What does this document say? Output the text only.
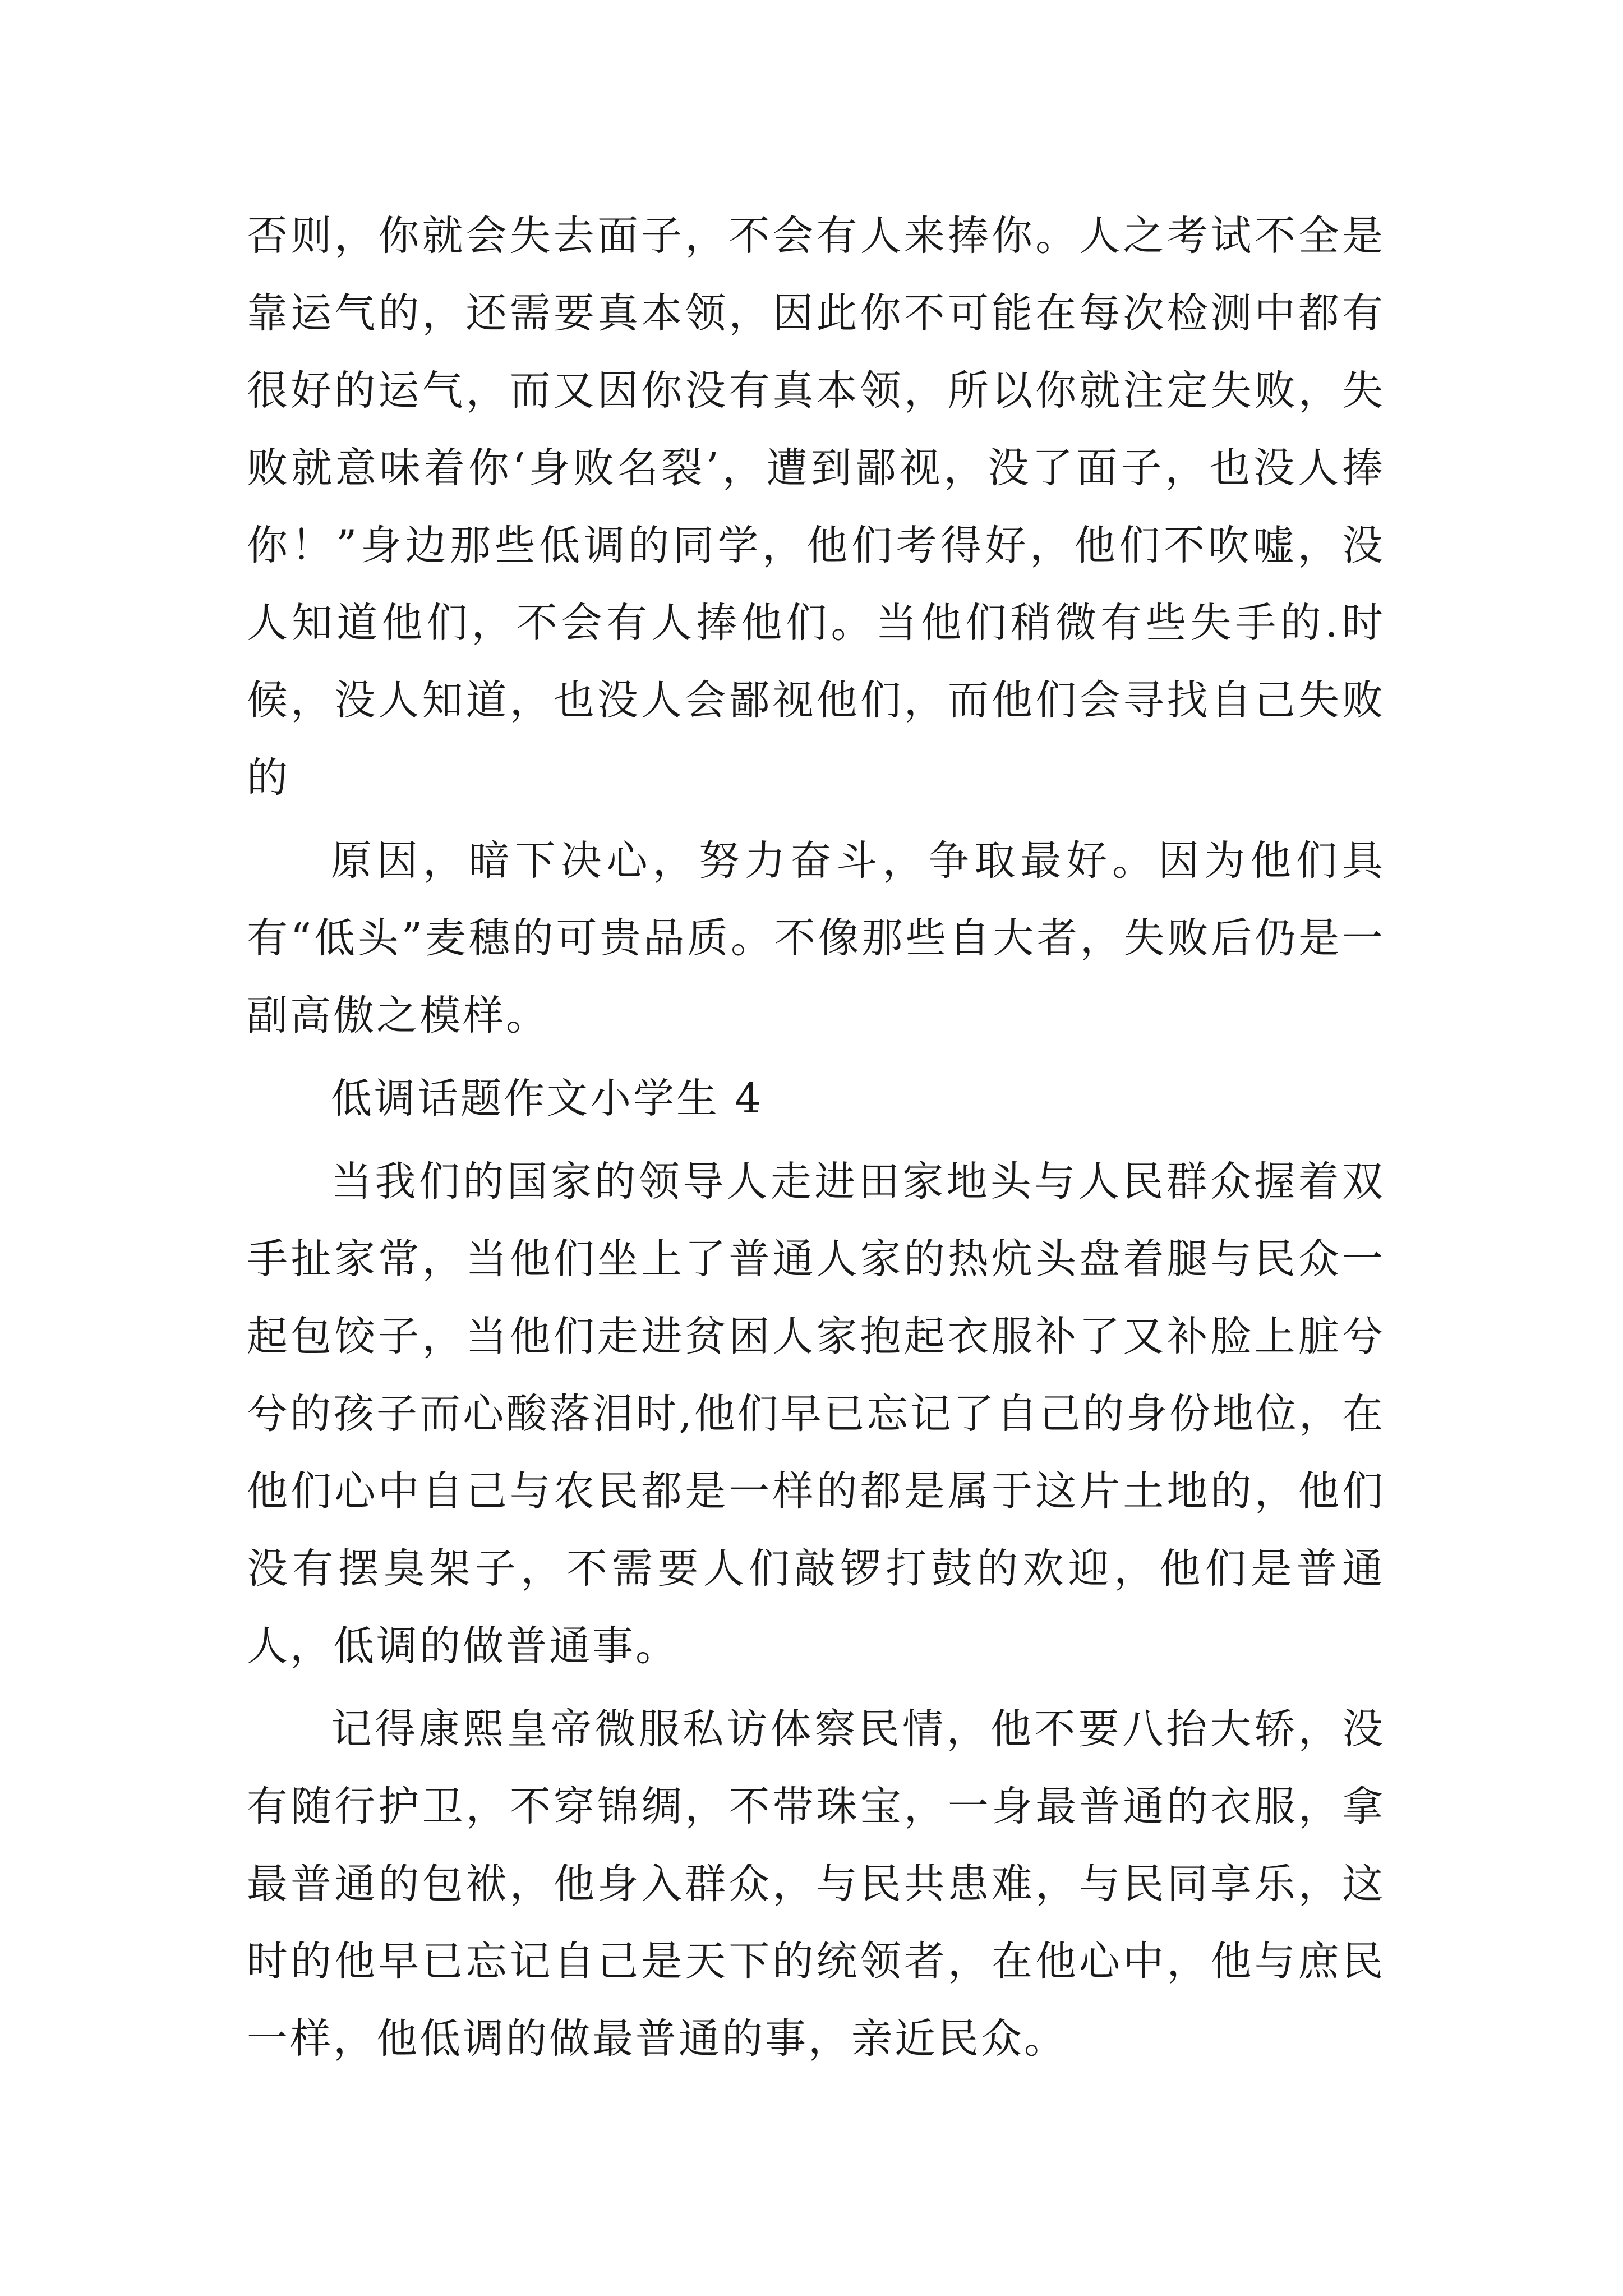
否则，你就会失去面子，不会有人来捧你。人之考试不全是靠运气的，还需要真本领，因此你不可能在每次检测中都有很好的运气，而又因你没有真本领，所以你就注定失败，失败就意味着你‘身败名裂’，遭到鄙视，没了面子，也没人捧你！”身边那些低调的同学，他们考得好，他们不吹嘘，没人知道他们，不会有人捧他们。当他们稍微有些失手的.时候，没人知道，也没人会鄙视他们，而他们会寻找自己失败的

原因，暗下决心，努力奋斗，争取最好。因为他们具有“低头”麦穗的可贵品质。不像那些自大者，失败后仍是一副高傲之模样。

低调话题作文小学生 4

当我们的国家的领导人走进田家地头与人民群众握着双手扯家常，当他们坐上了普通人家的热炕头盘着腿与民众一起包饺子，当他们走进贫困人家抱起衣服补了又补脸上脏兮兮的孩子而心酸落泪时,他们早已忘记了自己的身份地位，在他们心中自己与农民都是一样的都是属于这片土地的，他们没有摆臭架子，不需要人们敲锣打鼓的欢迎，他们是普通人，低调的做普通事。

记得康熙皇帝微服私访体察民情，他不要八抬大轿，没有随行护卫，不穿锦绸，不带珠宝，一身最普通的衣服，拿最普通的包袱，他身入群众，与民共患难，与民同享乐，这时的他早已忘记自己是天下的统领者，在他心中，他与庶民一样，他低调的做最普通的事，亲近民众。
